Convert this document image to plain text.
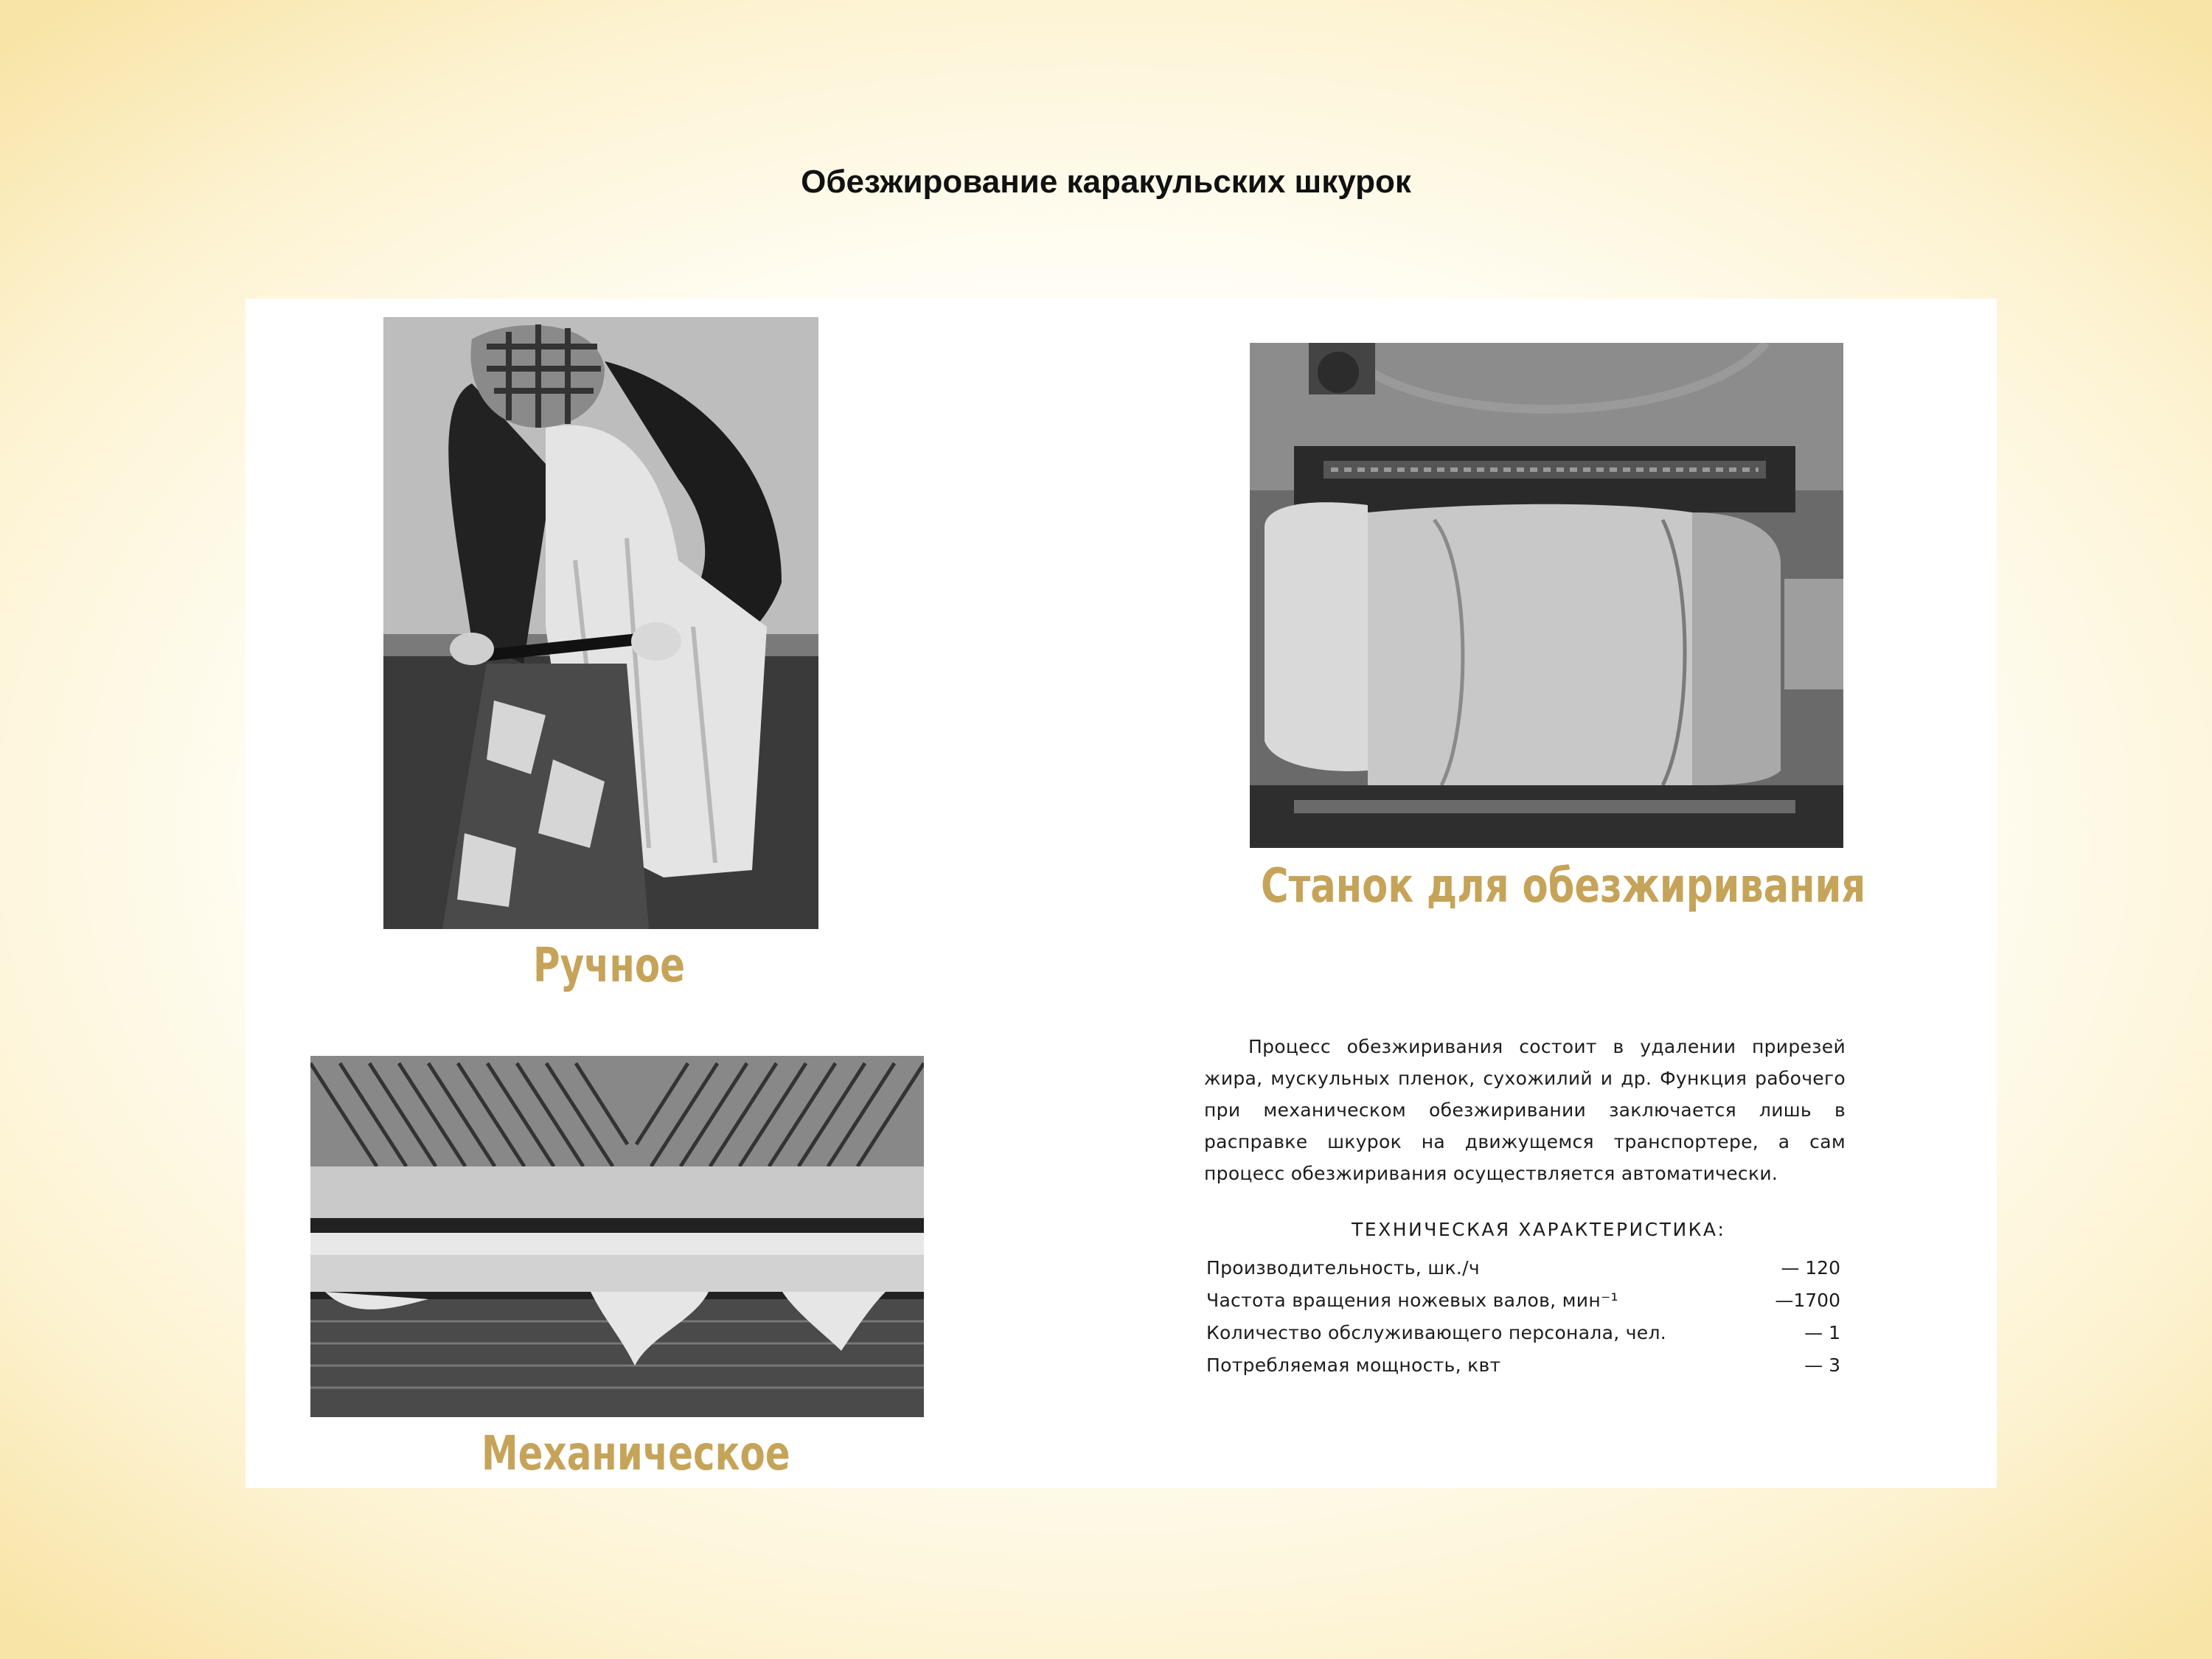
Обезжирование каракульских шкурок
Ручное
Станок для обезжиривания
Механическое
Процесс обезжиривания состоит в удалении прирезей жира, мускульных пленок, сухожилий и др. Функция рабочего при механическом обезжиривании заключается лишь в расправке шкурок на движущемся транспортере, а сам процесс обезжиривания осуществляется автоматически.
ТЕХНИЧЕСКАЯ ХАРАКТЕРИСТИКА:
Производительность, шк./ч	— 120
Частота вращения ножевых валов, мин⁻¹	—1700
Количество обслуживающего персонала, чел.	— 1
Потребляемая мощность, квт	— 3
